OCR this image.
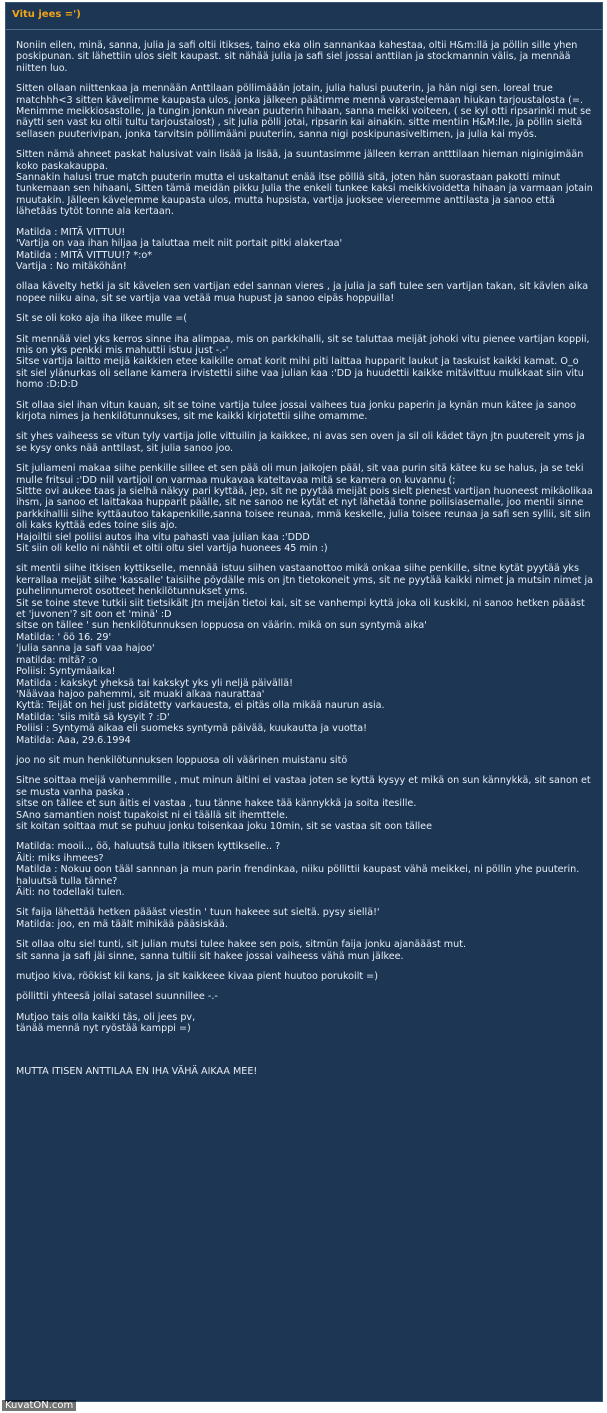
Vitu jees =')

Noniin eilen, minä, sanna, julia ja safi oltii itikses, taino eka olin sannankaa kahestaa, oltii H&m:llä ja pöllin sille yhen poskipunan. sit lähettiin ulos sielt kaupast. sit nähää julia ja safi siel jossai anttilan ja stockmannin välis, ja mennää niitten luo.

Sitten ollaan niittenkaa ja mennään Anttilaan pöllimäään jotain, julia halusi puuterin, ja hän nigi sen. loreal true matchhh<3 sitten kävelimme kaupasta ulos, jonka jälkeen päätimme mennä varastelemaan hiukan tarjoustalosta (=. Menimme meikkiosastolle, ja tungin jonkun nivean puuterin hihaan, sanna meikki voiteen, ( se kyl otti ripsarinki mut se näytti sen vast ku oltii tultu tarjoustalost) , sit julia pölli jotai, ripsarin kai ainakin. sitte mentiin H&M:lle, ja pöllin sieltä sellasen puuterivipan, jonka tarvitsin pöllimääni puuteriin, sanna nigi poskipunasiveltimen, ja julia kai myös.

Sitten nämä ahneet paskat halusivat vain lisää ja lisää, ja suuntasimme jälleen kerran antttilaan hieman niginigimään koko paskakauppa.
Sannakin halusi true match puuterin mutta ei uskaltanut enää itse pölliä sitä, joten hän suorastaan pakotti minut tunkemaan sen hihaani, Sitten tämä meidän pikku Julia the enkeli tunkee kaksi meikkivoidetta hihaan ja varmaan jotain muutakin. Jälleen kävelemme kaupasta ulos, mutta hupsista, vartija juoksee viereemme anttilasta ja sanoo että lähetääs tytöt tonne ala kertaan.

Matilda : MITÄ VITTUU!
'Vartija on vaa ihan hiljaa ja taluttaa meit niit portait pitki alakertaa'
Matilda : MITÄ VITTUU!? *:o*
Vartija : No mitäköhän!

ollaa kävelty hetki ja sit kävelen sen vartijan edel sannan vieres , ja julia ja safi tulee sen vartijan takan, sit kävlen aika nopee niiku aina, sit se vartija vaa vetää mua hupust ja sanoo eipäs hoppuilla!

Sit se oli koko aja iha ilkee mulle =(

Sit mennää viel yks kerros sinne iha alimpaa, mis on parkkihalli, sit se taluttaa meijät johoki vitu pienee vartijan koppii, mis on yks penkki mis mahuttii istuu just -.-'
Sitse vartija laitto meijä kaikkien etee kaikille omat korit mihi piti laittaa hupparit laukut ja taskuist kaikki kamat. O_o
sit siel ylänurkas oli sellane kamera irvistettii siihe vaa julian kaa :'DD ja huudettii kaikke mitävittuu mulkkaat siin vitu homo :D:D:D

Sit ollaa siel ihan vitun kauan, sit se toine vartija tulee jossai vaihees tua jonku paperin ja kynän mun kätee ja sanoo kirjota nimes ja henkilötunnukses, sit me kaikki kirjotettii siihe omamme.

sit yhes vaiheess se vitun tyly vartija jolle vittuilin ja kaikkee, ni avas sen oven ja sil oli kädet täyn jtn puutereit yms ja se kysy onks nää anttilast, sit julia sanoo joo.

Sit juliameni makaa siihe penkille sillee et sen pää oli mun jalkojen pääl, sit vaa purin sitä kätee ku se halus, ja se teki mulle fritsui :'DD niil vartijoil on varmaa mukavaa kateltavaa mitä se kamera on kuvannu (;
Sittte ovi aukee taas ja sielhä näkyy pari kyttää, jep, sit ne pyytää meijät pois sielt pienest vartijan huoneest mikäolikaa ihsm, ja sanoo et laittakaa hupparit päälle, sit ne sanoo ne kytät et nyt lähetää tonne poliisiasemalle, joo mentii sinne parkkihallii siihe kyttäautoo takapenkille,sanna toisee reunaa, mmä keskelle, julia toisee reunaa ja safi sen syllii, sit siin oli kaks kyttää edes toine siis ajo.
Hajoiltii siel poliisi autos iha vitu pahasti vaa julian kaa :'DDD
Sit siin oli kello ni nähtii et oltii oltu siel vartija huonees 45 min :)

sit mentii siihe itkisen kyttikselle, mennää istuu siihen vastaanottoo mikä onkaa siihe penkille, sitne kytät pyytää yks kerrallaa meijät siihe 'kassalle' taisiihe pöydälle mis on jtn tietokoneit yms, sit ne pyytää kaikki nimet ja mutsin nimet ja puhelinnumerot osotteet henkilötunnukset yms.
Sit se toine steve tutkii siit tietsikält jtn meijän tietoi kai, sit se vanhempi kyttä joka oli kuskiki, ni sanoo hetken päääst et 'juvonen'? sit oon et 'minä' :D
sitse on tällee ' sun henkilötunnuksen loppuosa on väärin. mikä on sun syntymä aika'
Matilda: ' öö 16. 29'
'julia sanna ja safi vaa hajoo'
matilda: mitä? :o
Poliisi: Syntymäaika!
Matilda : kakskyt yheksä tai kakskyt yks yli neljä päivällä!
'Näävaa hajoo pahemmi, sit muaki alkaa naurattaa'
Kyttä: Teijät on hei just pidätetty varkauesta, ei pitäs olla mikää naurun asia.
Matilda: 'siis mitä sä kysyit ? :D'
Poliisi : Syntymä aikaa eli suomeks syntymä päivää, kuukautta ja vuotta!
Matilda: Aaa, 29.6.1994

joo no sit mun henkilötunnuksen loppuosa oli väärinen muistanu sitö

Sitne soittaa meijä vanhemmille , mut minun äitini ei vastaa joten se kyttä kysyy et mikä on sun kännykkä, sit sanon et se musta vanha paska .
sitse on tällee et sun äitis ei vastaa , tuu tänne hakee tää kännykkä ja soita itesille.
SAno samantien noist tupakoist ni ei täällä sit ihemttele.
sit koitan soittaa mut se puhuu jonku toisenkaa joku 10min, sit se vastaa sit oon tällee

Matilda: mooii.., öö, haluutsä tulla itiksen kyttikselle.. ?
Äiti: miks ihmees?
Matilda : Nokuu oon tääl sannnan ja mun parin frendinkaa, niiku pöllittii kaupast vähä meikkei, ni pöllin yhe puuterin. haluutsä tulla tänne?
Äiti: no todellaki tulen.

Sit faija lähettää hetken päääst viestin ' tuun hakeee sut sieltä. pysy siellä!'
Matilda: joo, en mä täält mihikää pääsiskää.

Sit ollaa oltu siel tunti, sit julian mutsi tulee hakee sen pois, sitmün faija jonku ajanäääst mut.
sit sanna ja safi jäi sinne, sanna tultiii sit hakee jossai vaiheess vähä mun jälkee.

mutjoo kiva, röökist kii kans, ja sit kaikkeee kivaa pient huutoo porukoilt =)

pöllittii yhteesä jollai satasel suunnillee -.-

Mutjoo tais olla kaikki täs, oli jees pv,
tänää mennä nyt ryöstää kamppi =)

MUTTA ITISEN ANTTILAA EN IHA VÄHÄ AIKAA MEE!

KuvatON.com
